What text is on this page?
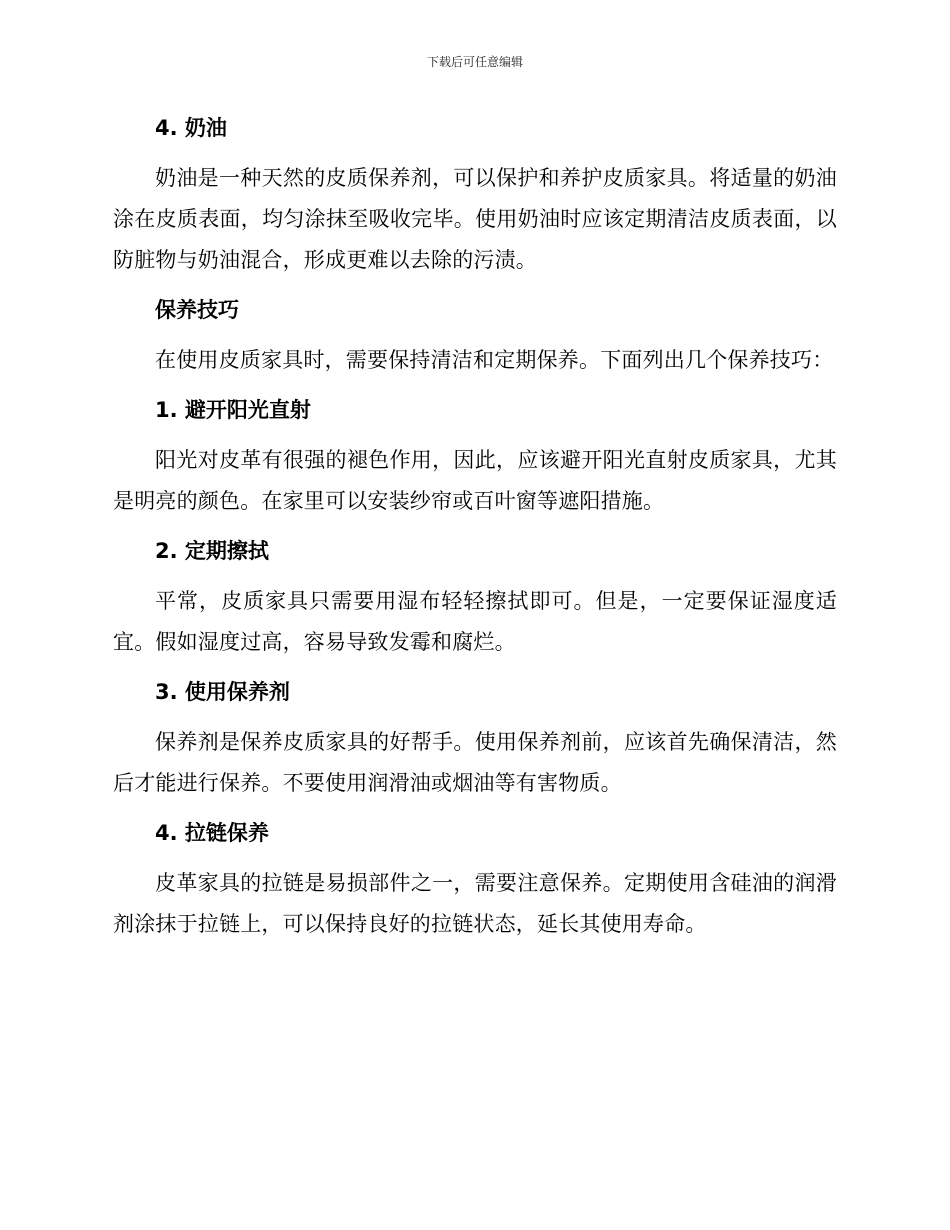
下载后可任意编辑
4. 奶油

奶油是一种天然的皮质保养剂，可以保护和养护皮质家具。将适量的奶油涂在皮质表面，均匀涂抹至吸收完毕。使用奶油时应该定期清洁皮质表面，以防脏物与奶油混合，形成更难以去除的污渍。

保养技巧

在使用皮质家具时，需要保持清洁和定期保养。下面列出几个保养技巧：

1. 避开阳光直射

阳光对皮革有很强的褪色作用，因此，应该避开阳光直射皮质家具，尤其是明亮的颜色。在家里可以安装纱帘或百叶窗等遮阳措施。

2. 定期擦拭

平常，皮质家具只需要用湿布轻轻擦拭即可。但是，一定要保证湿度适宜。假如湿度过高，容易导致发霉和腐烂。

3. 使用保养剂

保养剂是保养皮质家具的好帮手。使用保养剂前，应该首先确保清洁，然后才能进行保养。不要使用润滑油或烟油等有害物质。

4. 拉链保养

皮革家具的拉链是易损部件之一，需要注意保养。定期使用含硅油的润滑剂涂抹于拉链上，可以保持良好的拉链状态，延长其使用寿命。
